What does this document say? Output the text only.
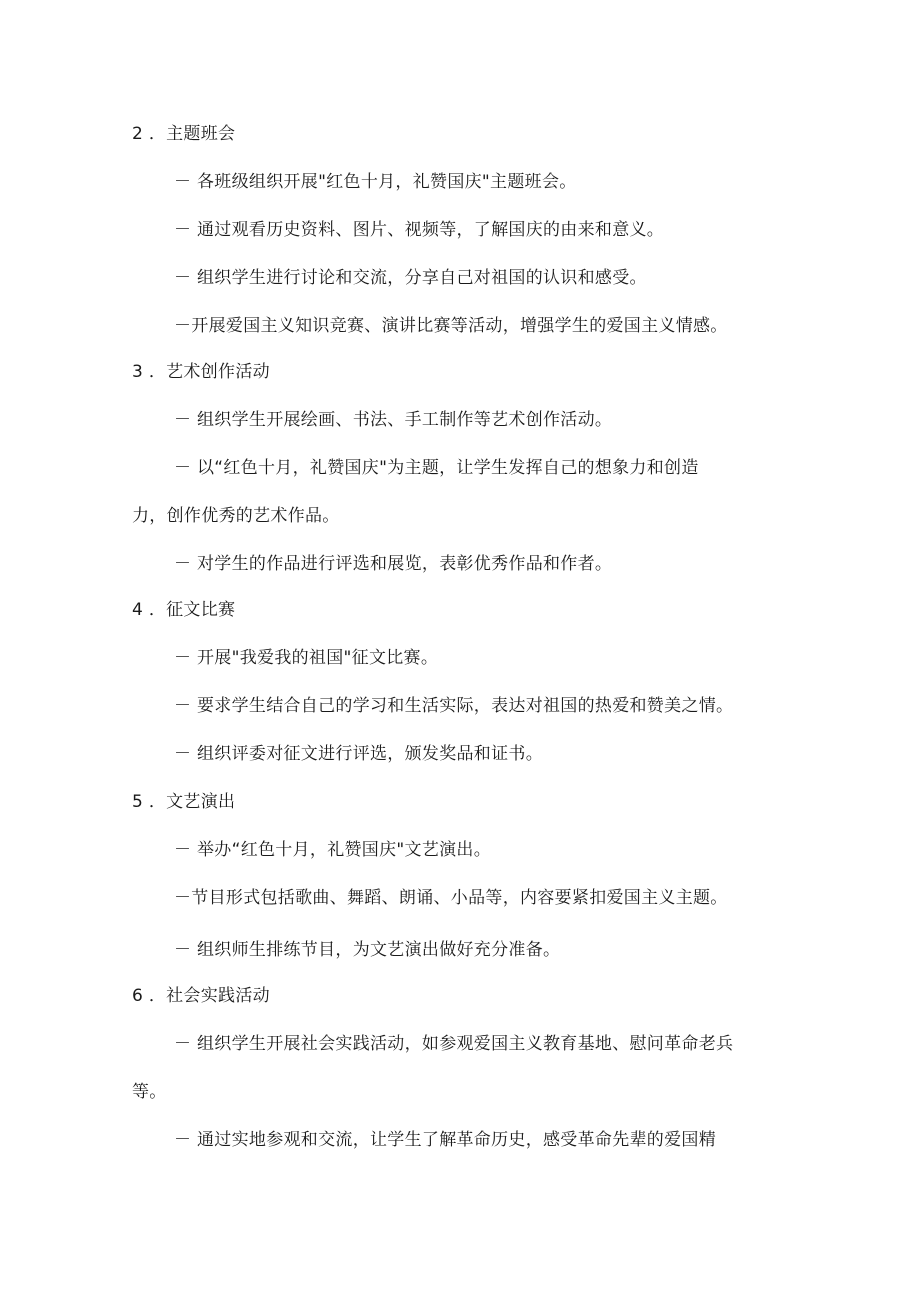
2 ．主题班会
－ 各班级组织开展"红色十月，礼赞国庆"主题班会。
－ 通过观看历史资料、图片、视频等，了解国庆的由来和意义。
－ 组织学生进行讨论和交流，分享自己对祖国的认识和感受。
－开展爱国主义知识竞赛、演讲比赛等活动，增强学生的爱国主义情感。
3 ．艺术创作活动
－ 组织学生开展绘画、书法、手工制作等艺术创作活动。
－ 以“红色十月，礼赞国庆"为主题，让学生发挥自己的想象力和创造
力，创作优秀的艺术作品。
－ 对学生的作品进行评选和展览，表彰优秀作品和作者。
4 ．征文比赛
－ 开展"我爱我的祖国"征文比赛。
－ 要求学生结合自己的学习和生活实际，表达对祖国的热爱和赞美之情。
－ 组织评委对征文进行评选，颁发奖品和证书。
5 ．文艺演出
－ 举办“红色十月，礼赞国庆"文艺演出。
－节目形式包括歌曲、舞蹈、朗诵、小品等，内容要紧扣爱国主义主题。
－ 组织师生排练节目，为文艺演出做好充分准备。
6 ．社会实践活动
－ 组织学生开展社会实践活动，如参观爱国主义教育基地、慰问革命老兵
等。
－ 通过实地参观和交流，让学生了解革命历史，感受革命先辈的爱国精
